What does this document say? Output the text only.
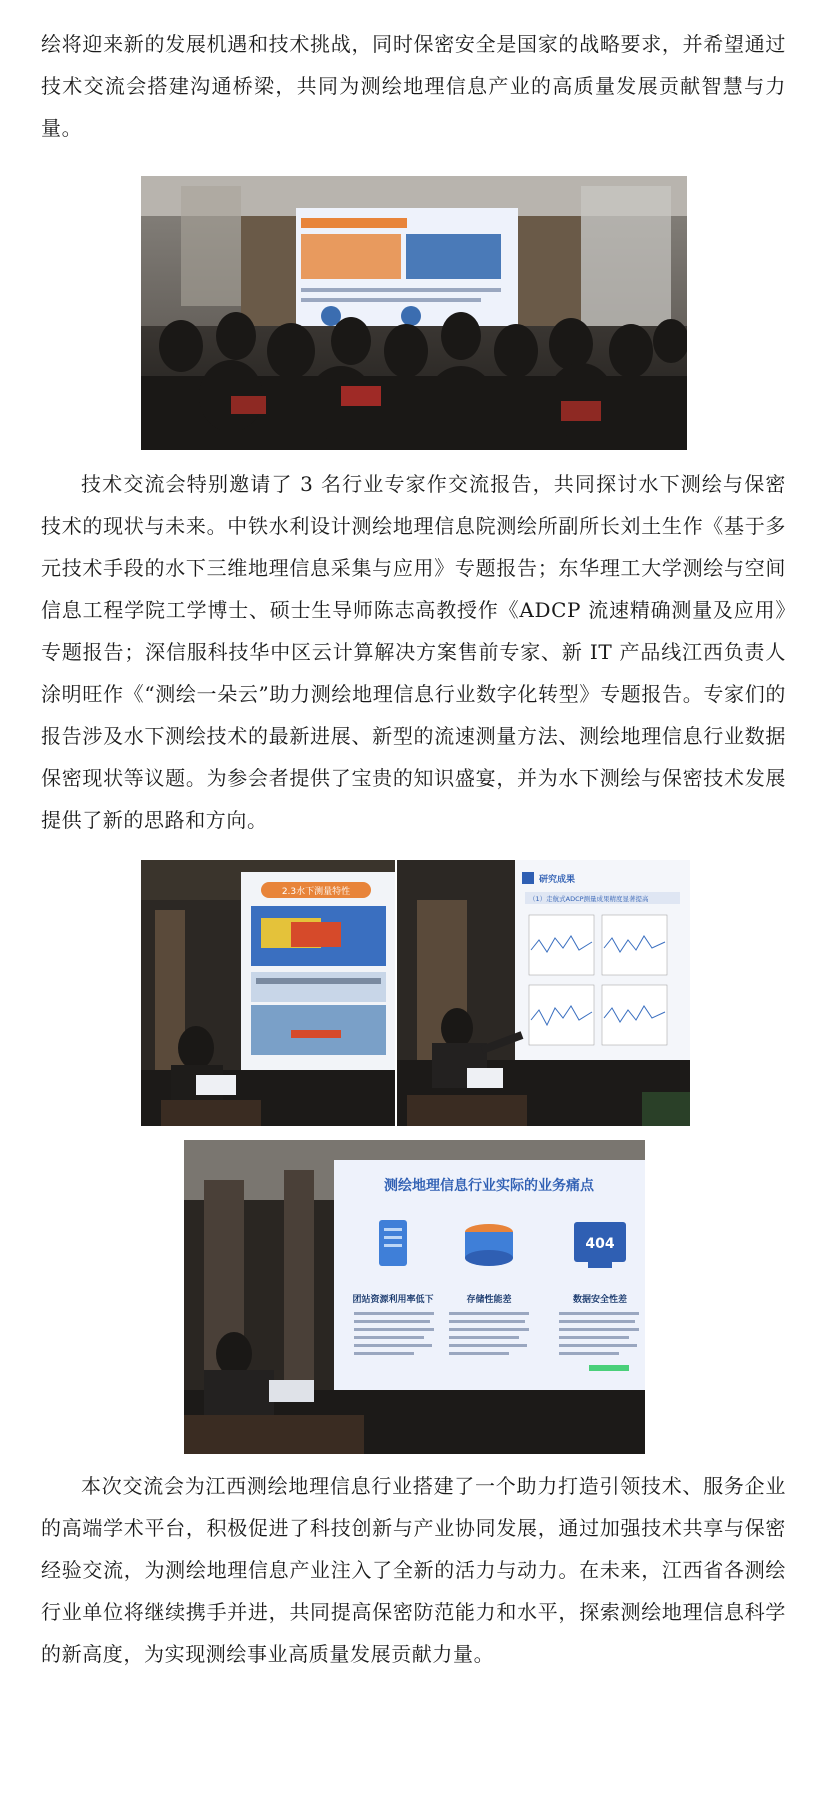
绘将迎来新的发展机遇和技术挑战，同时保密安全是国家的战略要求，并希望通过技术交流会搭建沟通桥梁，共同为测绘地理信息产业的高质量发展贡献智慧与力量。

技术交流会特别邀请了 3 名行业专家作交流报告，共同探讨水下测绘与保密技术的现状与未来。中铁水利设计测绘地理信息院测绘所副所长刘土生作《基于多元技术手段的水下三维地理信息采集与应用》专题报告；东华理工大学测绘与空间信息工程学院工学博士、硕士生导师陈志高教授作《ADCP 流速精确测量及应用》专题报告；深信服科技华中区云计算解决方案售前专家、新 IT 产品线江西负责人涂明旺作《“测绘一朵云”助力测绘地理信息行业数字化转型》专题报告。专家们的报告涉及水下测绘技术的最新进展、新型的流速测量方法、测绘地理信息行业数据保密现状等议题。为参会者提供了宝贵的知识盛宴，并为水下测绘与保密技术发展提供了新的思路和方向。

2.3水下测量特性
研究成果
（1）走航式ADCP测量成果精度显著提高
测绘地理信息行业实际的业务痛点
404
团站资源利用率低下	存储性能差	数据安全性差

本次交流会为江西测绘地理信息行业搭建了一个助力打造引领技术、服务企业的高端学术平台，积极促进了科技创新与产业协同发展，通过加强技术共享与保密经验交流，为测绘地理信息产业注入了全新的活力与动力。在未来，江西省各测绘行业单位将继续携手并进，共同提高保密防范能力和水平，探索测绘地理信息科学的新高度，为实现测绘事业高质量发展贡献力量。
